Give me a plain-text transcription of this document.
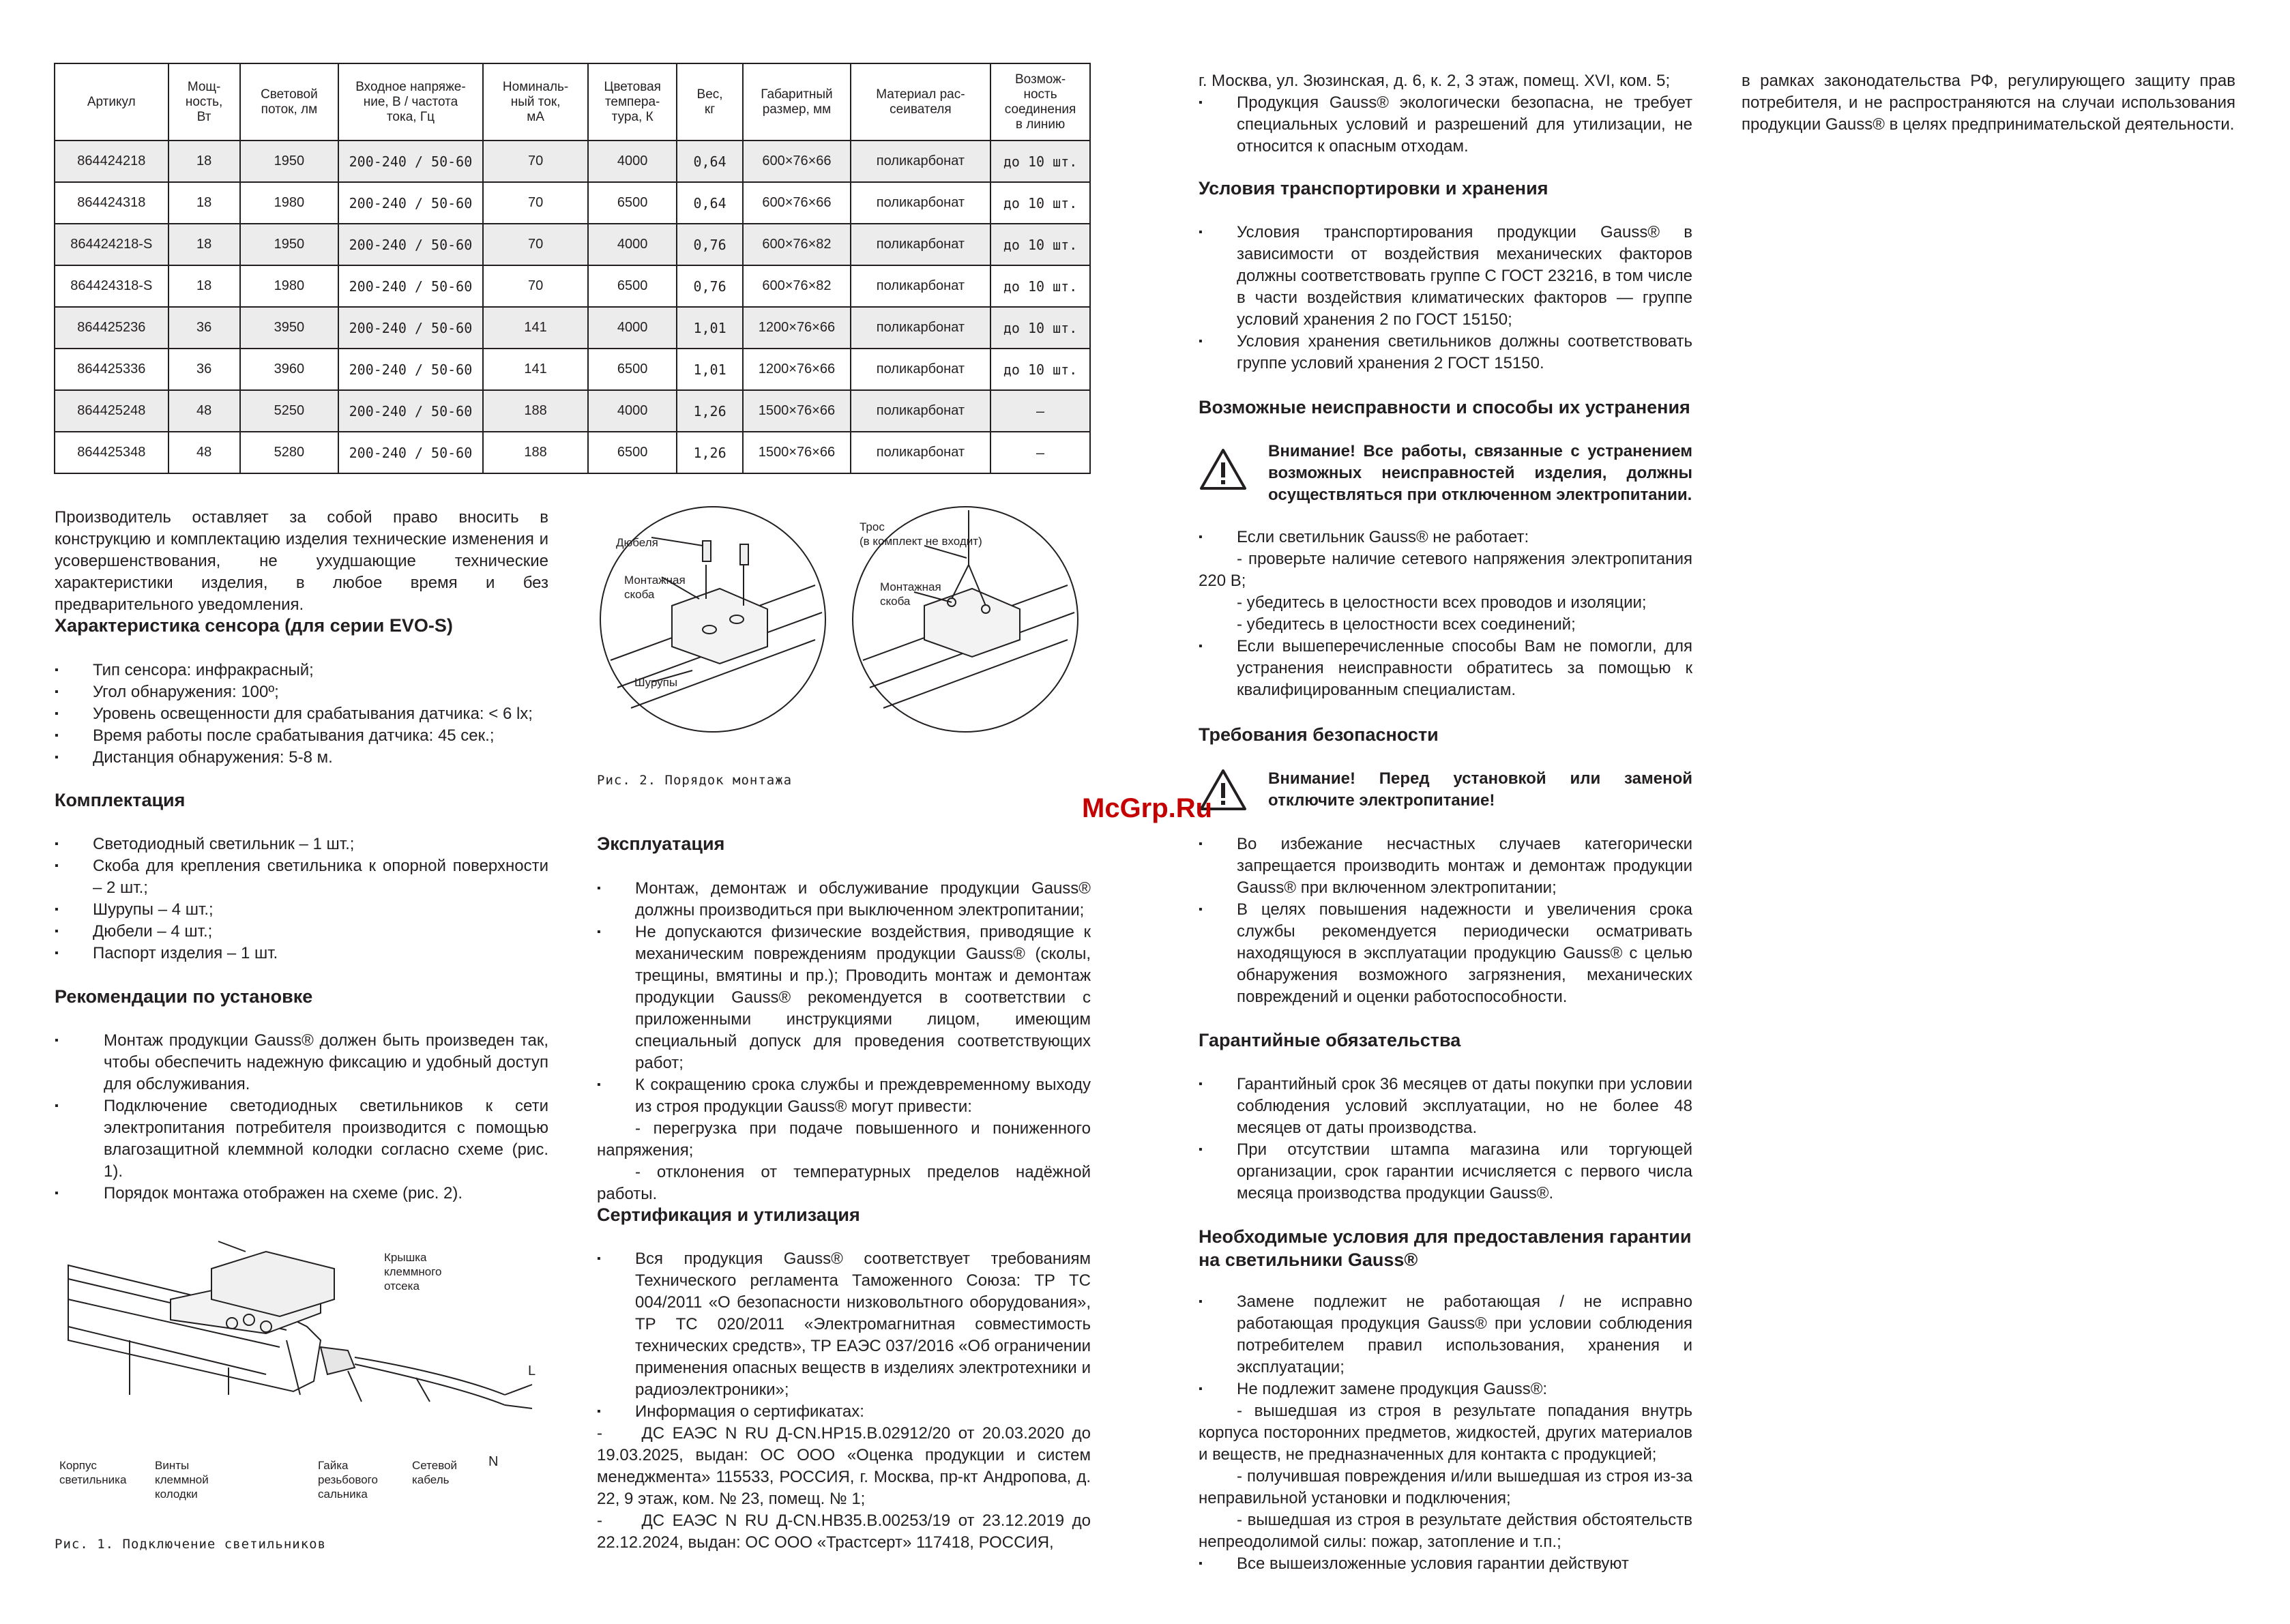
Артикул	Мощ-
ность,
Вт	Световой
поток, лм	Входное напряже-
ние, В / частота
тока, Гц	Номиналь-
ный ток,
мА	Цветовая
темпера-
тура, К	Вес,
кг	Габаритный
размер, мм	Материал рас-
сеивателя	Возмож-
ность
соединения
в линию
864424218	18	1950	200-240 / 50-60	70	4000	0,64	600×76×66	поликарбонат	до 10 шт.
864424318	18	1980	200-240 / 50-60	70	6500	0,64	600×76×66	поликарбонат	до 10 шт.
864424218-S	18	1950	200-240 / 50-60	70	4000	0,76	600×76×82	поликарбонат	до 10 шт.
864424318-S	18	1980	200-240 / 50-60	70	6500	0,76	600×76×82	поликарбонат	до 10 шт.
864425236	36	3950	200-240 / 50-60	141	4000	1,01	1200×76×66	поликарбонат	до 10 шт.
864425336	36	3960	200-240 / 50-60	141	6500	1,01	1200×76×66	поликарбонат	до 10 шт.
864425248	48	5250	200-240 / 50-60	188	4000	1,26	1500×76×66	поликарбонат	–
864425348	48	5280	200-240 / 50-60	188	6500	1,26	1500×76×66	поликарбонат	–
Производитель оставляет за собой право вносить в конструкцию и комплектацию изделия технические изменения и усовершенствования, не ухудшающие технические характеристики изделия, в любое время и без предварительного уведомления.
Характеристика сенсора (для серии EVO-S)
▪ Тип сенсора: инфракрасный;
▪ Угол обнаружения: 100º;
▪ Уровень освещенности для срабатывания датчика: < 6 lx;
▪ Время работы после срабатывания датчика: 45 сек.;
▪ Дистанция обнаружения: 5-8 м.
Комплектация
▪ Светодиодный светильник – 1 шт.;
▪ Скоба для крепления светильника к опорной поверхности – 2 шт.;
▪ Шурупы – 4 шт.;
▪ Дюбели – 4 шт.;
▪ Паспорт изделия – 1 шт.
Рекомендации по установке
▪ Монтаж продукции Gauss® должен быть произведен так, чтобы обеспечить надежную фиксацию и удобный доступ для обслуживания.
▪ Подключение светодиодных светильников к сети электропитания потребителя производится с помощью влагозащитной клеммной колодки согласно схеме (рис. 1).
▪ Порядок монтажа отображен на схеме (рис. 2).
Крышка
клеммного
отсека
Корпус
светильника
Винты
клеммной
колодки
Гайка
резьбового
сальника
Сетевой
кабель
L
N
Рис. 1. Подключение светильников
Дюбеля
Монтажная
скоба
Шурупы
Трос
(в комплект не входит)
Монтажная
скоба
Рис. 2. Порядок монтажа
Эксплуатация
▪ Монтаж, демонтаж и обслуживание продукции Gauss® должны производиться при выключенном электропитании;
▪ Не допускаются физические воздействия, приводящие к механическим повреждениям продукции Gauss® (сколы, трещины, вмятины и пр.); Проводить монтаж и демонтаж продукции Gauss® рекомендуется в соответствии с приложенными инструкциями лицом, имеющим специальный допуск для проведения соответствующих работ;
▪ К сокращению срока службы и преждевременному выходу из строя продукции Gauss® могут привести:
- перегрузка при подаче повышенного и пониженного напряжения;
- отклонения от температурных пределов надёжной работы.
Сертификация и утилизация
▪ Вся продукция Gauss® соответствует требованиям Технического регламента Таможенного Союза: ТР ТС 004/2011 «О безопасности низковольтного оборудования», ТР ТС 020/2011 «Электромагнитная совместимость технических средств», ТР ЕАЭС 037/2016 «Об ограничении применения опасных веществ в изделиях электротехники и радиоэлектроники»;
▪ Информация о сертификатах:
-     ДС ЕАЭС N RU Д-CN.НР15.В.02912/20 от 20.03.2020 до 19.03.2025, выдан: ОС ООО «Оценка продукции и систем менеджмента» 115533, РОССИЯ, г. Москва, пр-кт Андропова, д. 22, 9 этаж, ком. № 23, помещ. № 1;
-     ДС ЕАЭС N RU Д-CN.НВ35.В.00253/19 от 23.12.2019 до 22.12.2024, выдан: ОС ООО «Трастсерт» 117418, РОССИЯ,
г. Москва, ул. Зюзинская, д. 6, к. 2, 3 этаж, помещ. XVI, ком. 5;
▪ Продукция Gauss® экологически безопасна, не требует специальных условий и разрешений для утилизации, не относится к опасным отходам.
Условия транспортировки и хранения
▪ Условия транспортирования продукции Gauss® в зависимости от воздействия механических факторов должны соответствовать группе С ГОСТ 23216, в том числе в части воздействия климатических факторов — группе условий хранения 2 по ГОСТ 15150;
▪ Условия хранения светильников должны соответствовать группе условий хранения 2 ГОСТ 15150.
Возможные неисправности и способы их устранения
Внимание! Все работы, связанные с устранением возможных неисправностей изделия, должны осуществляться при отключенном электропитании.
▪ Если светильник Gauss® не работает:
- проверьте наличие сетевого напряжения электропитания 220 В;
- убедитесь в целостности всех проводов и изоляции;
- убедитесь в целостности всех соединений;
▪ Если вышеперечисленные способы Вам не помогли, для устранения неисправности обратитесь за помощью к квалифицированным специалистам.
Требования безопасности
Внимание! Перед установкой или заменой отключите электропитание!
▪ Во избежание несчастных случаев категорически запрещается производить монтаж и демонтаж продукции Gauss® при включенном электропитании;
▪ В целях повышения надежности и увеличения срока службы рекомендуется периодически осматривать находящуюся в эксплуатации продукцию Gauss® с целью обнаружения возможного загрязнения, механических повреждений и оценки работоспособности.
Гарантийные обязательства
▪ Гарантийный срок 36 месяцев от даты покупки при условии соблюдения условий эксплуатации, но не более 48 месяцев от даты производства.
▪ При отсутствии штампа магазина или торгующей организации, срок гарантии исчисляется с первого числа месяца производства продукции Gauss®.
Необходимые условия для предоставления гарантии на светильники Gauss®
▪ Замене подлежит не работающая / не исправно работающая продукция Gauss® при условии соблюдения потребителем правил использования, хранения и эксплуатации;
▪ Не подлежит замене продукция Gauss®:
- вышедшая из строя в результате попадания внутрь корпуса посторонних предметов, жидкостей, других материалов и веществ, не предназначенных для контакта с продукцией;
- получившая повреждения и/или вышедшая из строя из-за неправильной установки и подключения;
- вышедшая из строя в результате действия обстоятельств непреодолимой силы: пожар, затопление и т.п.;
▪ Все вышеизложенные условия гарантии действуют
в рамках законодательства РФ, регулирующего защиту прав потребителя, и не распространяются на случаи использования продукции Gauss® в целях предпринимательской деятельности.
McGrp.Ru
